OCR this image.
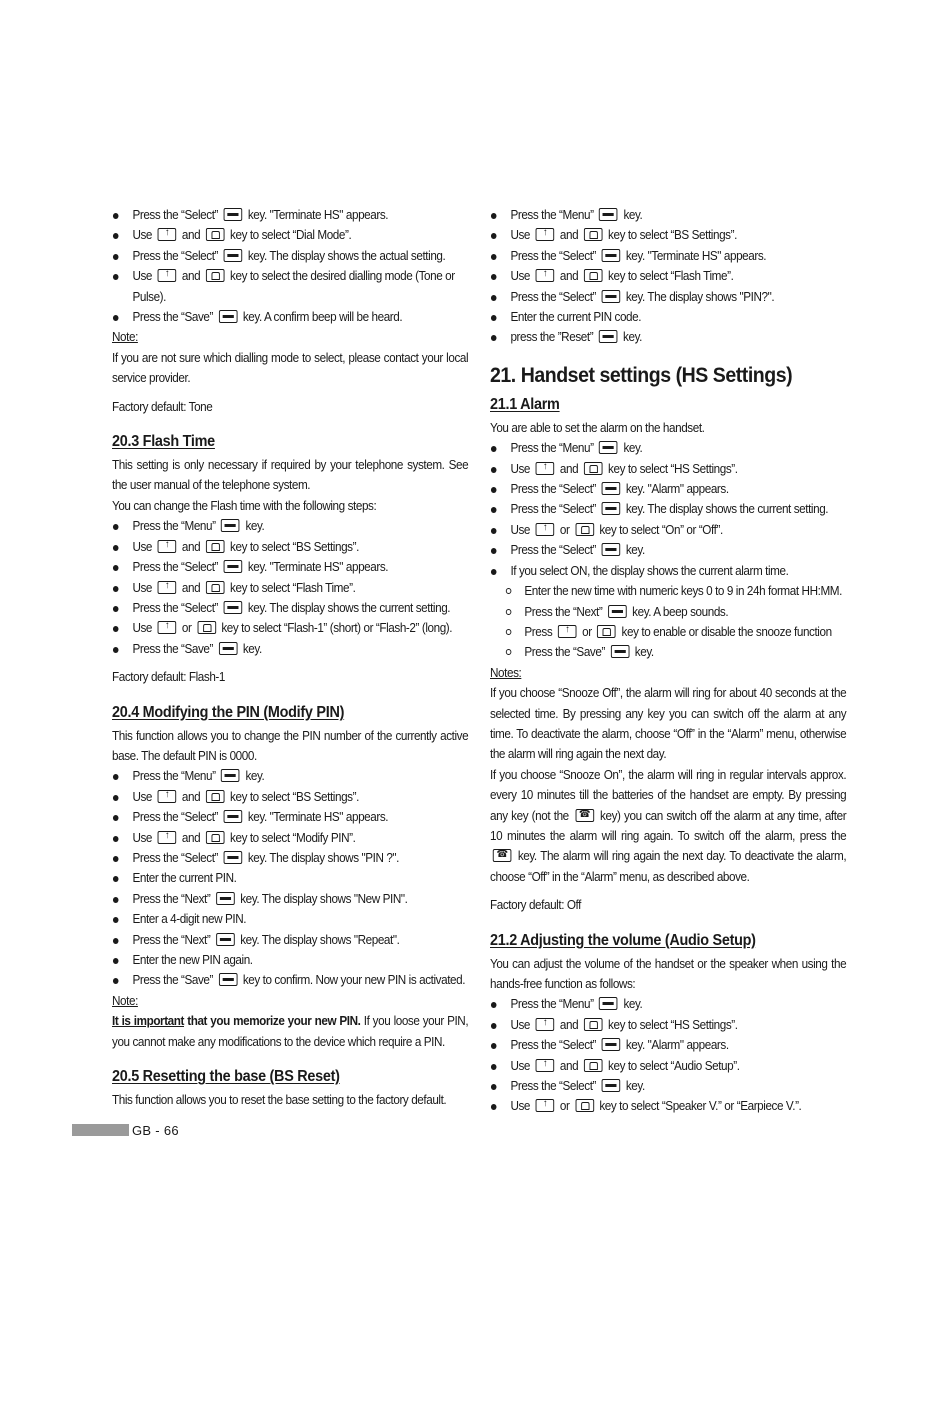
Press the “Select”  key. "Terminate HS" appears.
Use ↑ and  key to select “Dial Mode”.
Press the “Select”  key. The display shows the actual setting.
Use ↑ and  key to select the desired dialling mode (Tone or Pulse).
Press the “Save”  key. A confirm beep will be heard.

Note:

If you are not sure which dialling mode to select, please contact your local service provider.

Factory default: Tone

20.3 Flash Time

This setting is only necessary if required by your telephone system. See the user manual of the telephone system.

You can change the Flash time with the following steps:

Press the “Menu”  key.
Use ↑ and  key to select “BS Settings”.
Press the “Select”  key. "Terminate HS" appears.
Use ↑ and  key to select “Flash Time”.
Press the “Select”  key. The display shows the current setting.
Use ↑ or  key to select “Flash-1” (short) or “Flash-2” (long).
Press the “Save”  key.

Factory default: Flash-1

20.4 Modifying the PIN (Modify PIN)

This function allows you to change the PIN number of the currently active base. The default PIN is 0000.

Press the “Menu”  key.
Use ↑ and  key to select “BS Settings”.
Press the “Select”  key. "Terminate HS" appears.
Use ↑ and  key to select “Modify PIN”.
Press the “Select”  key. The display shows "PIN ?".
Enter the current PIN.
Press the “Next”  key. The display shows "New PIN".
Enter a 4-digit new PIN.
Press the “Next”  key. The display shows "Repeat".
Enter the new PIN again.
Press the “Save”  key to confirm. Now your new PIN is activated.

Note:

It is important that you memorize your new PIN. If you loose your PIN, you cannot make any modifications to the device which require a PIN.

20.5 Resetting the base (BS Reset)

This function allows you to reset the base setting to the factory default.

Press the “Menu”  key.
Use ↑ and  key to select “BS Settings”.
Press the “Select”  key. "Terminate HS" appears.
Use ↑ and  key to select “Flash Time”.
Press the “Select”  key. The display shows "PIN?".
Enter the current PIN code.
press the ”Reset”  key.
21. Handset settings (HS Settings)
21.1 Alarm

You are able to set the alarm on the handset.

Press the “Menu”  key.
Use ↑ and  key to select “HS Settings”.
Press the “Select”  key. "Alarm" appears.
Press the “Select”  key. The display shows the current setting.
Use ↑ or  key to select “On” or “Off”.
Press the “Select”  key.
If you select ON, the display shows the current alarm time.
Enter the new time with numeric keys 0 to 9 in 24h format HH:MM.
Press the “Next”  key. A beep sounds.
Press ↑ or  key to enable or disable the snooze function
Press the “Save”  key.

Notes:

If you choose “Snooze Off”, the alarm will ring for about 40 seconds at the selected time. By pressing any key you can switch off the alarm at any time. To deactivate the alarm, choose “Off” in the “Alarm” menu, otherwise the alarm will ring again the next day.

If you choose “Snooze On”, the alarm will ring in regular intervals approx. every 10 minutes till the batteries of the handset are empty. By pressing any key (not the ☎ key) you can switch off the alarm at any time, after 10 minutes the alarm will ring again. To switch off the alarm, press the ☎ key. The alarm will ring again the next day. To deactivate the alarm, choose “Off” in the “Alarm” menu, as described above.

Factory default: Off

21.2 Adjusting the volume (Audio Setup)

You can adjust the volume of the handset or the speaker when using the hands-free function as follows:

Press the “Menu”  key.
Use ↑ and  key to select “HS Settings”.
Press the “Select”  key. "Alarm" appears.
Use ↑ and  key to select “Audio Setup”.
Press the “Select”  key.
Use ↑ or  key to select “Speaker V.” or “Earpiece V.”.
GB - 66
